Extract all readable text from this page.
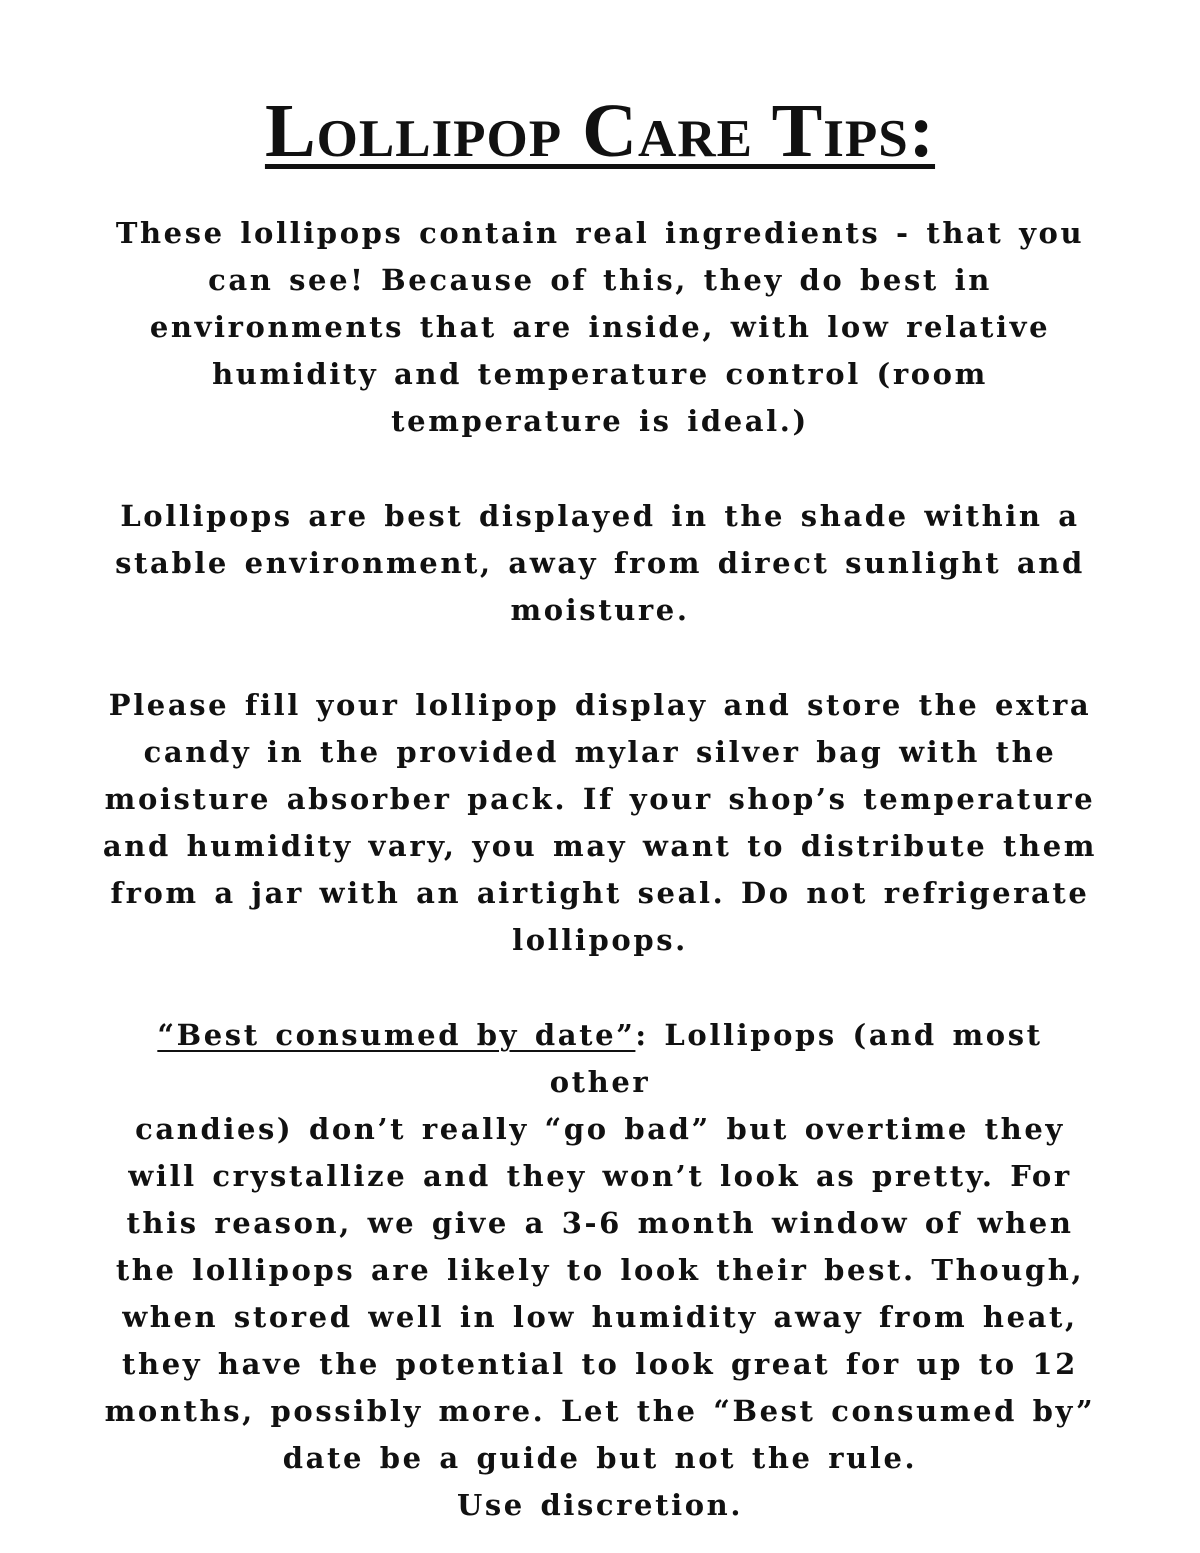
Lollipop Care Tips:
These lollipops contain real ingredients - that you
can see! Because of this, they do best in
environments that are inside, with low relative
humidity and temperature control (room
temperature is ideal.)
Lollipops are best displayed in the shade within a
stable environment, away from direct sunlight and
moisture.
Please fill your lollipop display and store the extra
candy in the provided mylar silver bag with the
moisture absorber pack. If your shop’s temperature
and humidity vary, you may want to distribute them
from a jar with an airtight seal. Do not refrigerate
lollipops.
“Best consumed by date”: Lollipops (and most other
candies) don’t really “go bad” but overtime they
will crystallize and they won’t look as pretty. For
this reason, we give a 3-6 month window of when
the lollipops are likely to look their best. Though,
when stored well in low humidity away from heat,
they have the potential to look great for up to 12
months, possibly more. Let the “Best consumed by”
date be a guide but not the rule.
Use discretion.
